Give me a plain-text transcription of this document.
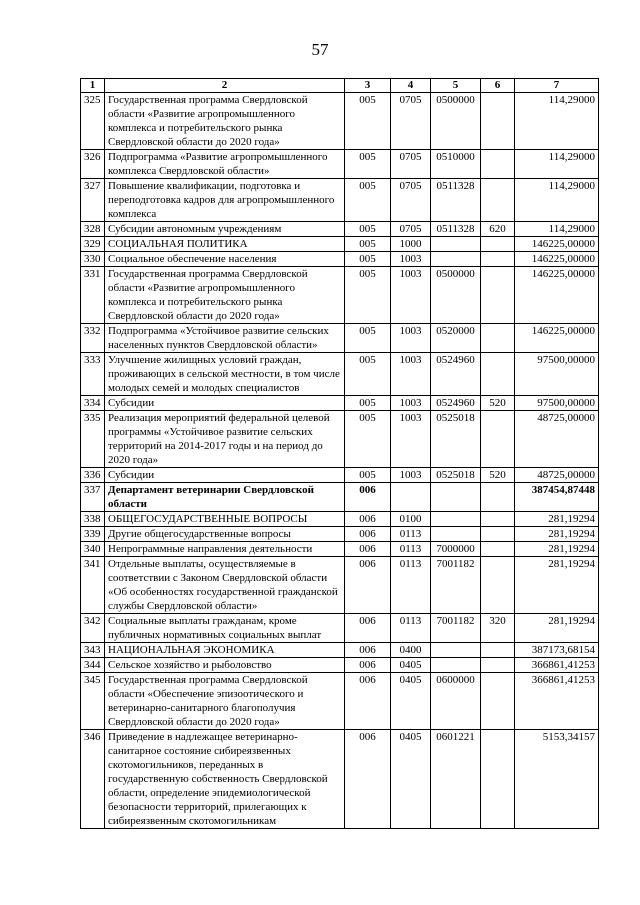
57
1	2	3	4	5	6	7
325	Государственная программа Свердловской области «Развитие агропромышленного комплекса и потребительского рынка Свердловской области до 2020 года»	005	0705	0500000		114,29000
326	Подпрограмма «Развитие агропромышленного комплекса Свердловской области»	005	0705	0510000		114,29000
327	Повышение квалификации, подготовка и переподготовка кадров для агропромышленного комплекса	005	0705	0511328		114,29000
328	Субсидии автономным учреждениям	005	0705	0511328	620	114,29000
329	СОЦИАЛЬНАЯ ПОЛИТИКА	005	1000			146225,00000
330	Социальное обеспечение населения	005	1003			146225,00000
331	Государственная программа Свердловской области «Развитие агропромышленного комплекса и потребительского рынка Свердловской области до 2020 года»	005	1003	0500000		146225,00000
332	Подпрограмма «Устойчивое развитие сельских населенных пунктов Свердловской области»	005	1003	0520000		146225,00000
333	Улучшение жилищных условий граждан, проживающих в сельской местности, в том числе молодых семей и молодых специалистов	005	1003	0524960		97500,00000
334	Субсидии	005	1003	0524960	520	97500,00000
335	Реализация мероприятий федеральной целевой программы «Устойчивое развитие сельских территорий на 2014-2017 годы и на период до 2020 года»	005	1003	0525018		48725,00000
336	Субсидии	005	1003	0525018	520	48725,00000
337	Департамент ветеринарии Свердловской области	006				387454,87448
338	ОБЩЕГОСУДАРСТВЕННЫЕ ВОПРОСЫ	006	0100			281,19294
339	Другие общегосударственные вопросы	006	0113			281,19294
340	Непрограммные направления деятельности	006	0113	7000000		281,19294
341	Отдельные выплаты, осуществляемые в соответствии с Законом Свердловской области «Об особенностях государственной гражданской службы Свердловской области»	006	0113	7001182		281,19294
342	Социальные выплаты гражданам, кроме публичных нормативных социальных выплат	006	0113	7001182	320	281,19294
343	НАЦИОНАЛЬНАЯ ЭКОНОМИКА	006	0400			387173,68154
344	Сельское хозяйство и рыболовство	006	0405			366861,41253
345	Государственная программа Свердловской области «Обеспечение эпизоотического и ветеринарно-санитарного благополучия Свердловской области до 2020 года»	006	0405	0600000		366861,41253
346	Приведение в надлежащее ветеринарно-санитарное состояние сибиреязвенных скотомогильников, переданных в государственную собственность Свердловской области, определение эпидемиологической безопасности территорий, прилегающих к сибиреязвенным скотомогильникам	006	0405	0601221		5153,34157
